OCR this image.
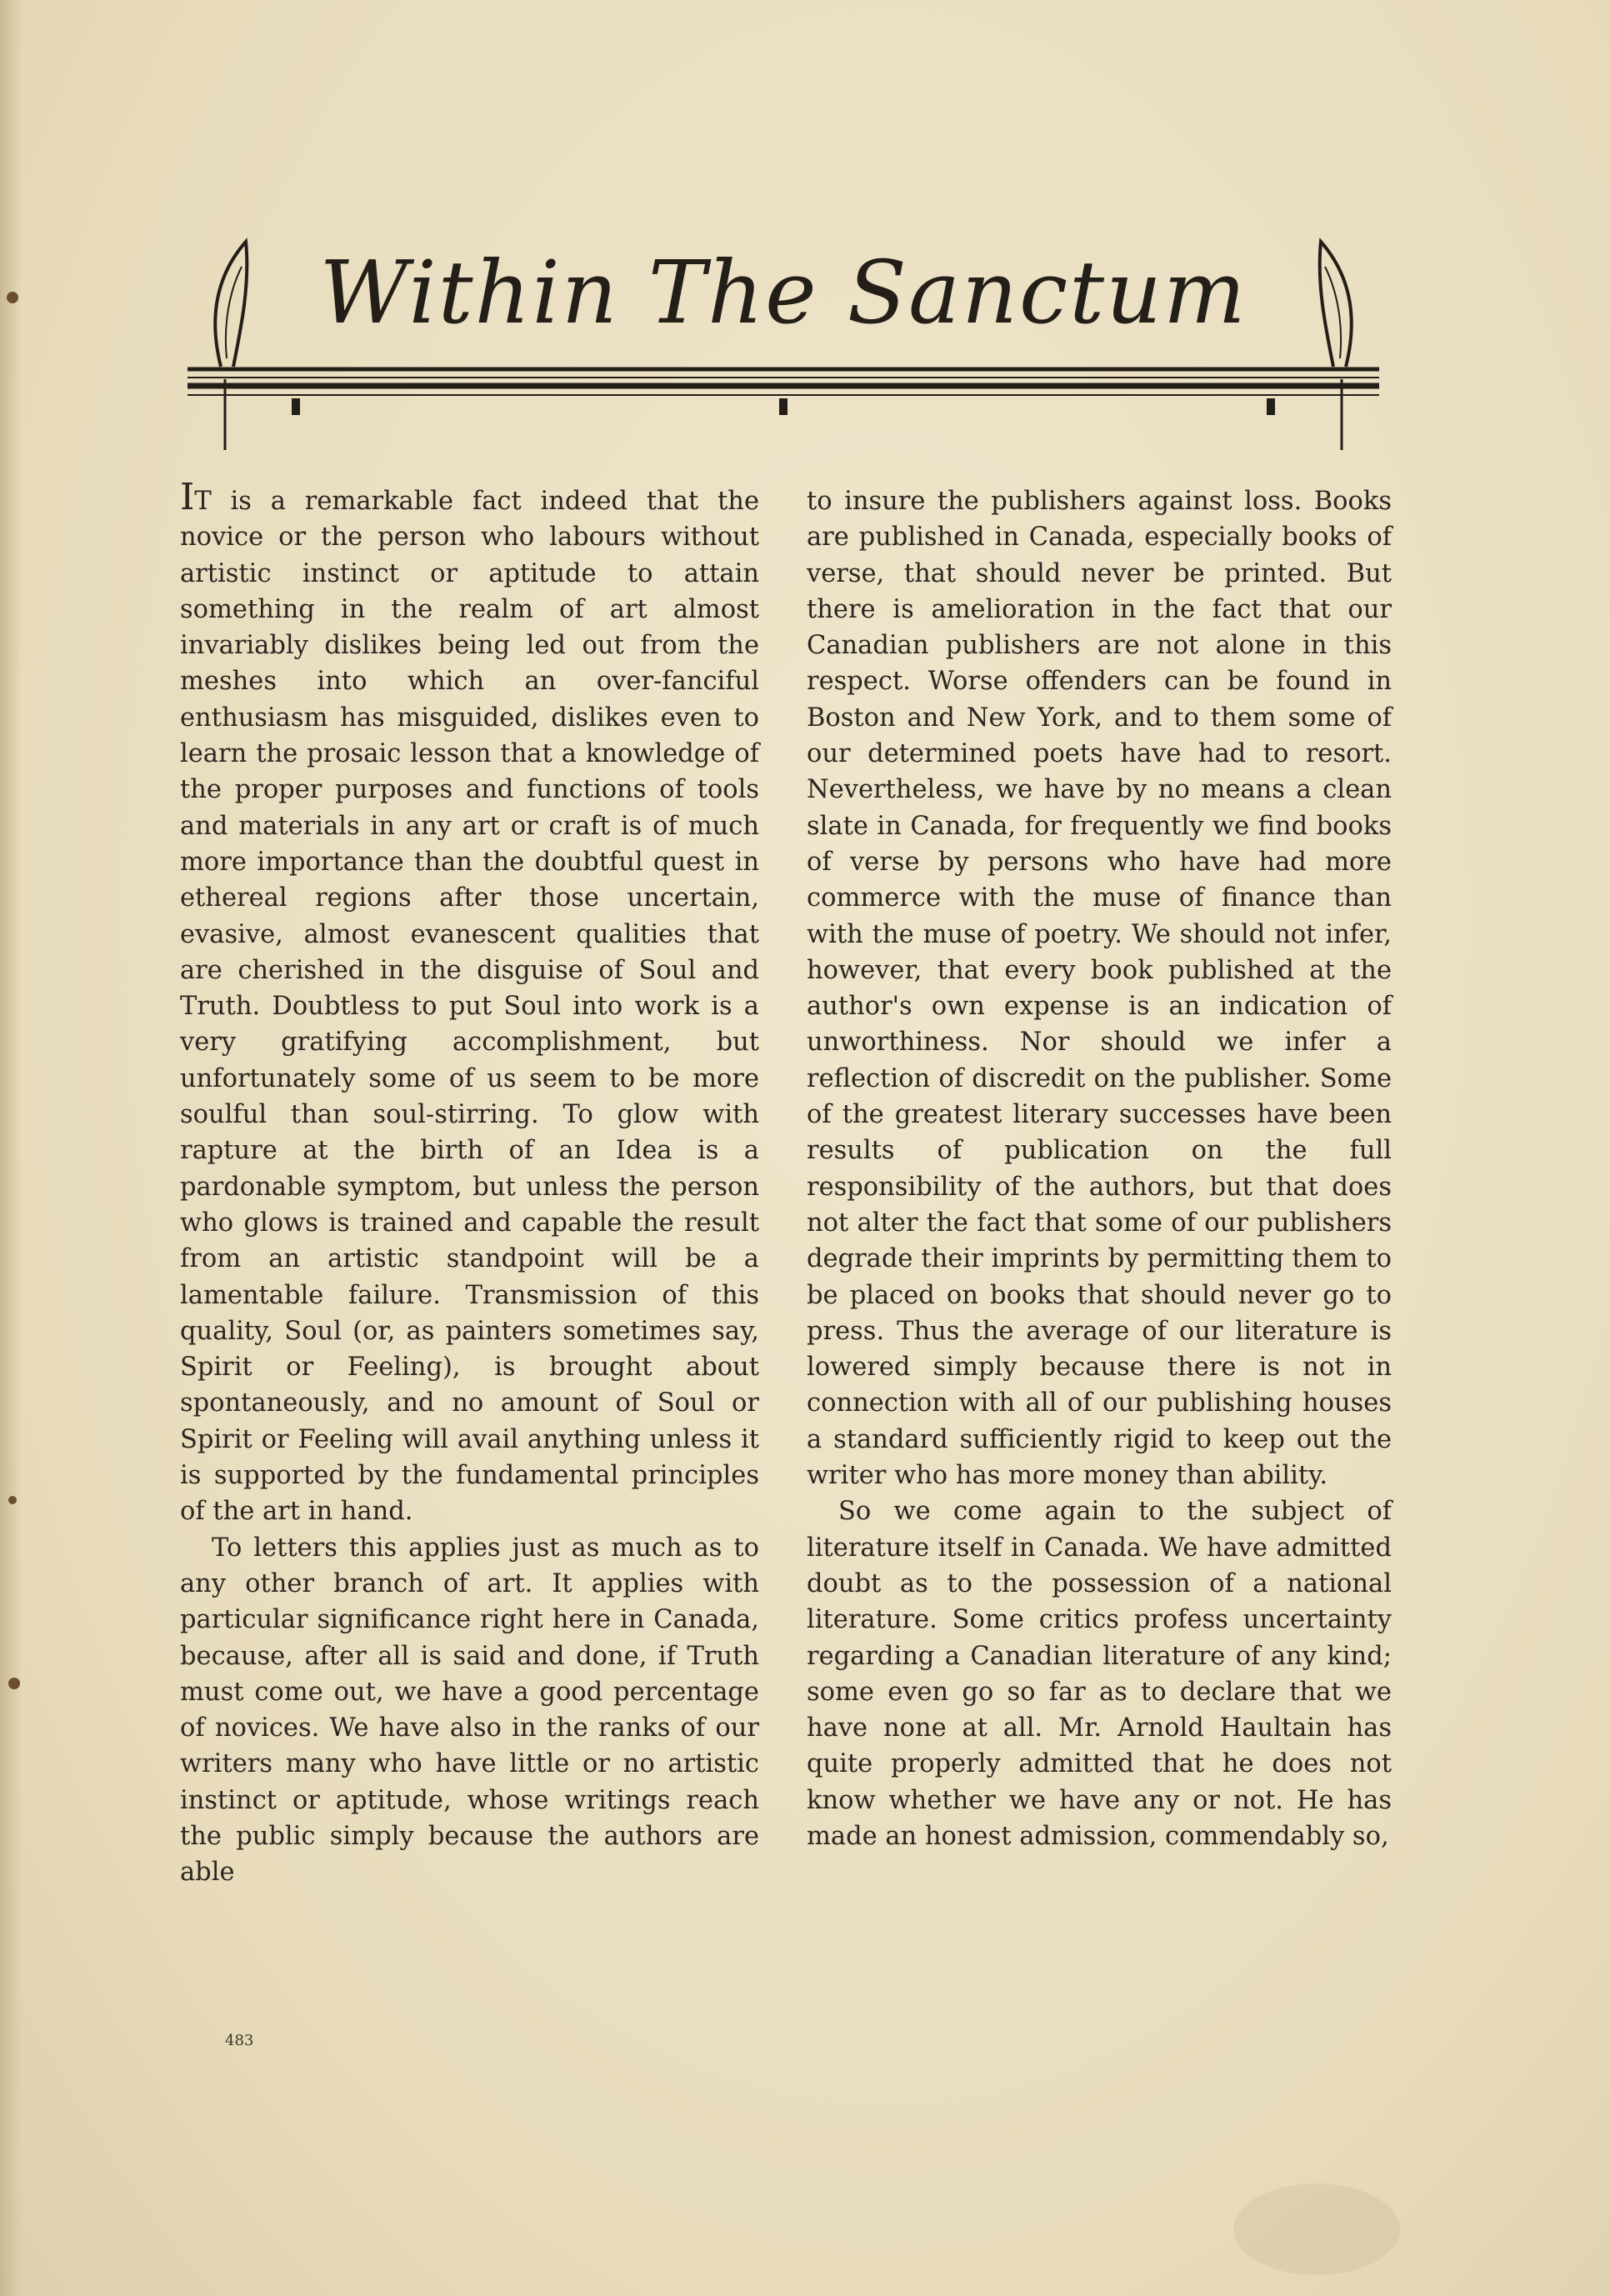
Within The Sanctum

IT is a remarkable fact indeed that the novice or the person who labours without artistic instinct or aptitude to attain something in the realm of art almost invariably dislikes being led out from the meshes into which an over-fanciful enthusiasm has misguided, dislikes even to learn the prosaic lesson that a knowledge of the proper purposes and functions of tools and materials in any art or craft is of much more importance than the doubtful quest in ethereal regions after those uncertain, evasive, almost evanescent qualities that are cherished in the disguise of Soul and Truth. Doubtless to put Soul into work is a very gratifying accomplishment, but unfortunately some of us seem to be more soulful than soul-stirring. To glow with rapture at the birth of an Idea is a pardonable symptom, but unless the person who glows is trained and capable the result from an artistic standpoint will be a lamentable failure. Transmission of this quality, Soul (or, as painters sometimes say, Spirit or Feeling), is brought about spontaneously, and no amount of Soul or Spirit or Feeling will avail anything unless it is supported by the fundamental principles of the art in hand.

To letters this applies just as much as to any other branch of art. It applies with particular significance right here in Canada, because, after all is said and done, if Truth must come out, we have a good percentage of novices. We have also in the ranks of our writers many who have little or no artistic instinct or aptitude, whose writings reach the public simply because the authors are able

to insure the publishers against loss. Books are published in Canada, especially books of verse, that should never be printed. But there is amelioration in the fact that our Canadian publishers are not alone in this respect. Worse offenders can be found in Boston and New York, and to them some of our determined poets have had to resort. Nevertheless, we have by no means a clean slate in Canada, for frequently we find books of verse by persons who have had more commerce with the muse of finance than with the muse of poetry. We should not infer, however, that every book published at the author's own expense is an indication of unworthiness. Nor should we infer a reflection of discredit on the publisher. Some of the greatest literary successes have been results of publication on the full responsibility of the authors, but that does not alter the fact that some of our publishers degrade their imprints by permitting them to be placed on books that should never go to press. Thus the average of our literature is lowered simply because there is not in connection with all of our publishing houses a standard sufficiently rigid to keep out the writer who has more money than ability.

So we come again to the subject of literature itself in Canada. We have admitted doubt as to the possession of a national literature. Some critics profess uncertainty regarding a Canadian literature of any kind; some even go so far as to declare that we have none at all. Mr. Arnold Haultain has quite properly admitted that he does not know whether we have any or not. He has made an honest admission, commendably so,

483
